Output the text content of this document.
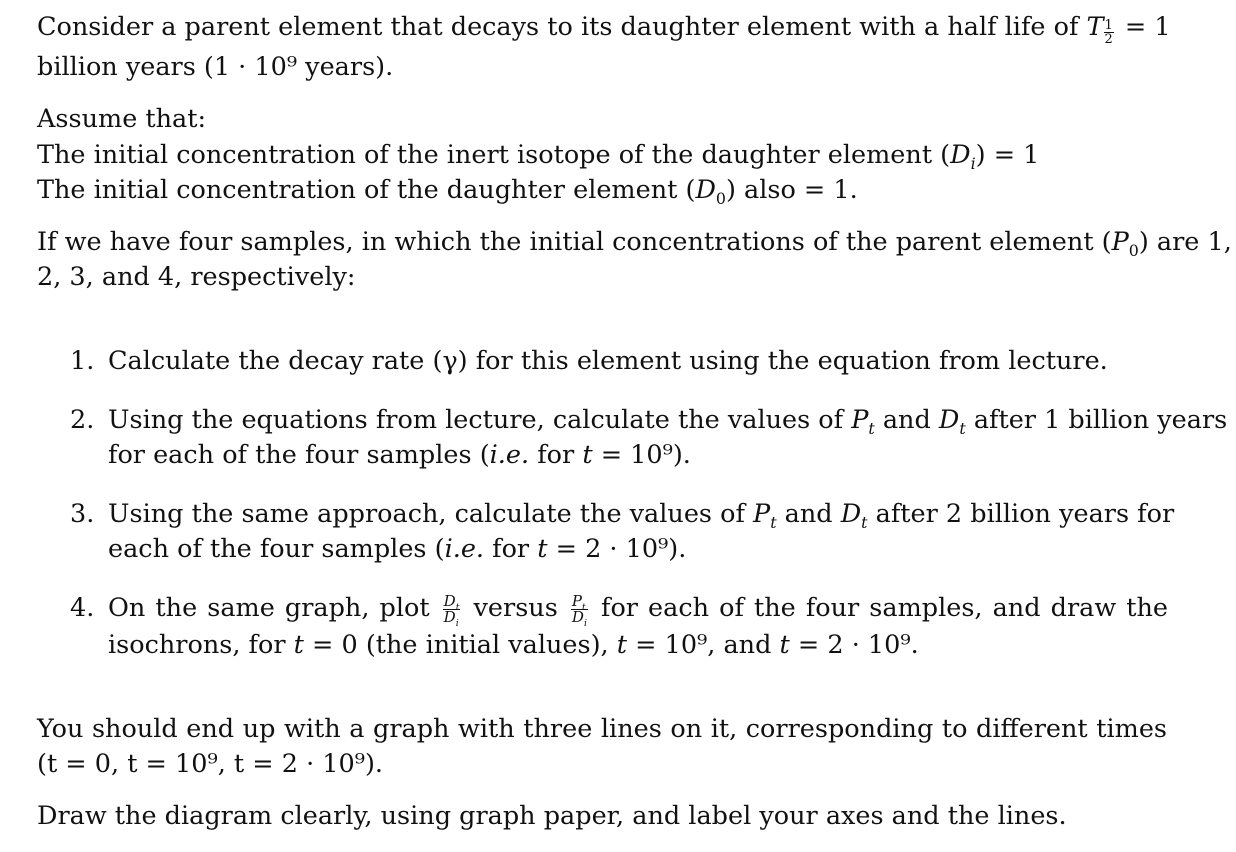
Consider a parent element that decays to its daughter element with a half life of T $\frac{1}{2} = 1$
billion years (1 · 10⁹ years).
Assume that:
The initial concentration of the inert isotope of the daughter element $(D_i) = 1$
The initial concentration of the daughter element $(D_0)$ also = 1.
If we have four samples, in which the initial concentrations of the parent element $(P_0)$ are 1,
2, 3, and 4, respectively:
1. Calculate the decay rate (γ) for this element using the equation from lecture.
2. Using the equations from lecture, calculate the values of $P_t$ and $D_t$ after 1 billion years
for each of the four samples (i.e. for t = 10⁹).
3. Using the same approach, calculate the values of $P_t$ and $D_t$ after 2 billion years for
each of the four samples (i.e. for t = 2 · 10⁹).
4. On the same graph, plot $\frac{D_t}{D_i}$ versus $\frac{P_t}{D_i}$ for each of the four samples, and draw the
isochrons, for t = 0 (the initial values), t = 10⁹, and t = 2 · 10⁹.
You should end up with a graph with three lines on it, corresponding to different times
(t = 0, t = 10⁹, t = 2 · 10⁹).
Draw the diagram clearly, using graph paper, and label your axes and the lines.
